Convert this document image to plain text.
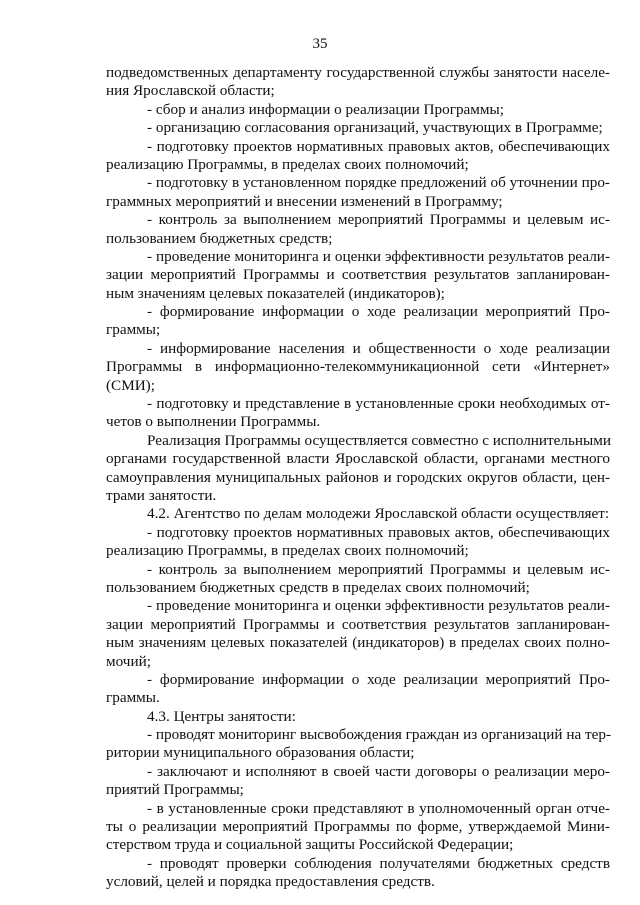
35
подведомственных департаменту государственной службы занятости населе-
ния Ярославской области;
- сбор и анализ информации о реализации Программы;
- организацию согласования организаций, участвующих в Программе;
- подготовку проектов нормативных правовых актов, обеспечивающих
реализацию Программы, в пределах своих полномочий;
- подготовку в установленном порядке предложений об уточнении про-
граммных мероприятий и внесении изменений в Программу;
- контроль за выполнением мероприятий Программы и целевым ис-
пользованием бюджетных средств;
- проведение мониторинга и оценки эффективности результатов реали-
зации мероприятий Программы и соответствия результатов запланирован-
ным значениям целевых показателей (индикаторов);
- формирование информации о ходе реализации мероприятий Про-
граммы;
- информирование населения и общественности о ходе реализации
Программы в информационно-телекоммуникационной сети «Интернет»
(СМИ);
- подготовку и представление в установленные сроки необходимых от-
четов о выполнении Программы.
Реализация Программы осуществляется совместно с исполнительными
органами государственной власти Ярославской области, органами местного
самоуправления муниципальных районов и городских округов области, цен-
трами занятости.
4.2. Агентство по делам молодежи Ярославской области осуществляет:
- подготовку проектов нормативных правовых актов, обеспечивающих
реализацию Программы, в пределах своих полномочий;
- контроль за выполнением мероприятий Программы и целевым ис-
пользованием бюджетных средств в пределах своих полномочий;
- проведение мониторинга и оценки эффективности результатов реали-
зации мероприятий Программы и соответствия результатов запланирован-
ным значениям целевых показателей (индикаторов) в пределах своих полно-
мочий;
- формирование информации о ходе реализации мероприятий Про-
граммы.
4.3. Центры занятости:
- проводят мониторинг высвобождения граждан из организаций на тер-
ритории муниципального образования области;
- заключают и исполняют в своей части договоры о реализации меро-
приятий Программы;
- в установленные сроки представляют в уполномоченный орган отче-
ты о реализации мероприятий Программы по форме, утверждаемой Мини-
стерством труда и социальной защиты Российской Федерации;
- проводят проверки соблюдения получателями бюджетных средств
условий, целей и порядка предоставления средств.
